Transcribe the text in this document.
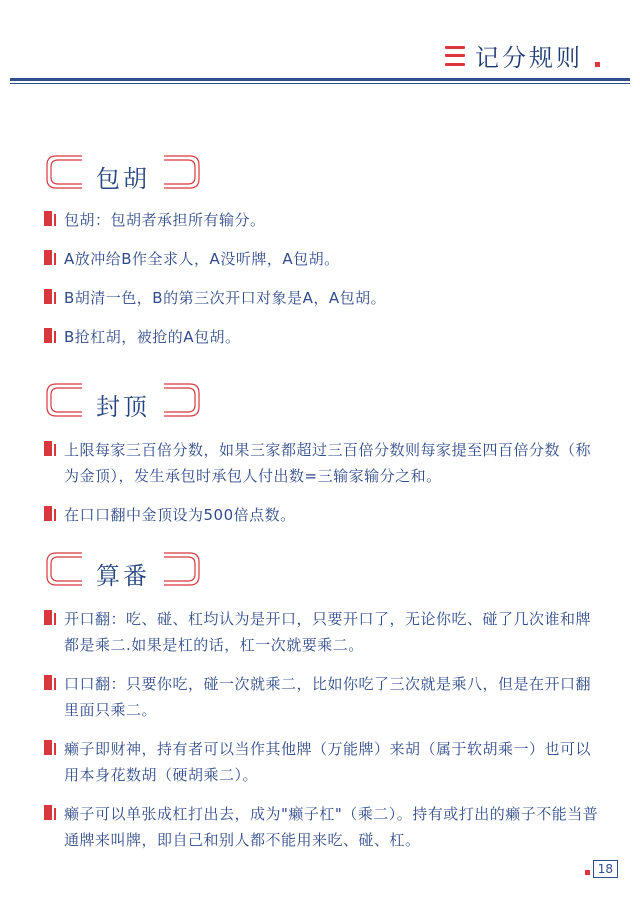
记分规则
包胡
包胡：包胡者承担所有输分。
A放冲给B作全求人，A没听牌，A包胡。
B胡清一色，B的第三次开口对象是A，A包胡。
B抢杠胡，被抢的A包胡。
封顶
上限每家三百倍分数，如果三家都超过三百倍分数则每家提至四百倍分数（称为金顶），发生承包时承包人付出数=三输家输分之和。
在口口翻中金顶设为500倍点数。
算番
开口翻：吃、碰、杠均认为是开口，只要开口了，无论你吃、碰了几次谁和牌都是乘二.如果是杠的话，杠一次就要乘二。
口口翻：只要你吃，碰一次就乘二，比如你吃了三次就是乘八，但是在开口翻里面只乘二。
癞子即财神，持有者可以当作其他牌（万能牌）来胡（属于软胡乘一）也可以用本身花数胡（硬胡乘二）。
癞子可以单张成杠打出去，成为"癞子杠"（乘二）。持有或打出的癞子不能当普通牌来叫牌，即自己和别人都不能用来吃、碰、杠。
18
